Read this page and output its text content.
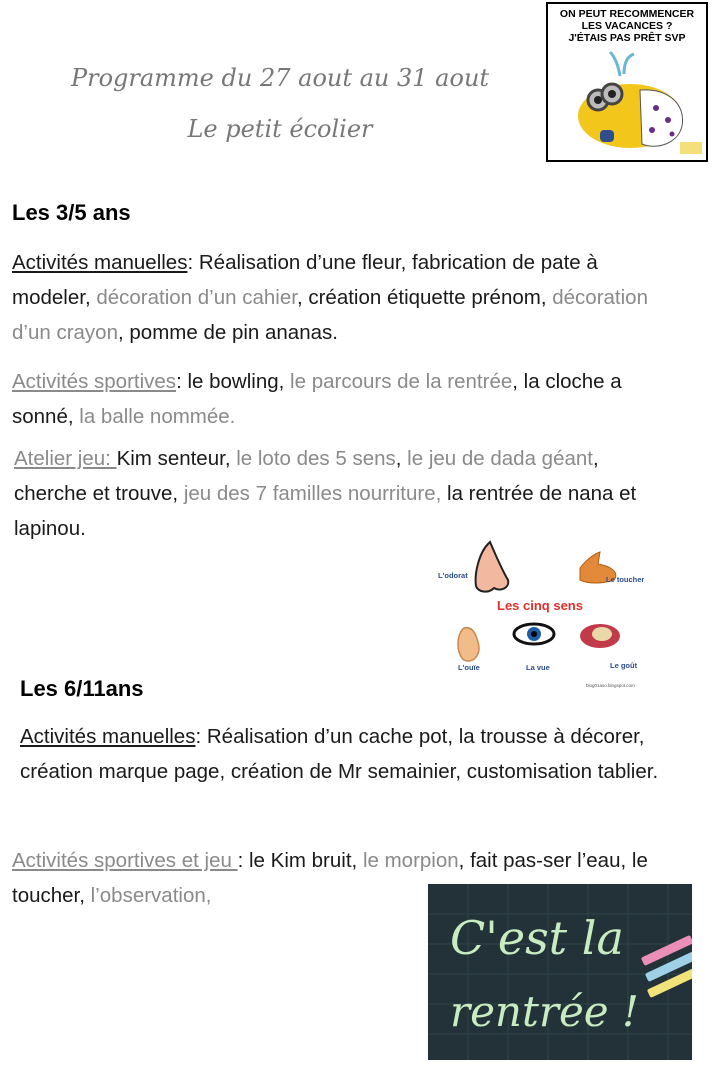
Programme du 27 aout au 31 aout
Le petit écolier
ON PEUT RECOMMENCER
LES VACANCES ?
J'ÉTAIS PAS PRÊT SVP
Les 3/5 ans
Activités manuelles: Réalisation d’une fleur, fabrication de pate à modeler, décoration d’un cahier, création étiquette prénom, décoration d’un crayon, pomme de pin ananas.
Activités sportives: le bowling, le parcours de la rentrée, la cloche a sonné, la balle nommée.
Atelier jeu: Kim senteur, le loto des 5 sens, le jeu de dada géant, cherche et trouve, jeu des 7 familles nourriture, la rentrée de nana et lapinou.
L'odorat	Le toucher
Les cinq sens
L'ouïe	La vue	Le goût
blog01aso.blogspot.com
Les 6/11ans
Activités manuelles: Réalisation d’un cache pot, la trousse à décorer, création marque page, création de Mr semainier, customisation tablier.
Activités sportives et jeu : le Kim bruit, le morpion, fait pas-ser l’eau, le toucher, l’observation,
C'est la
rentrée !
